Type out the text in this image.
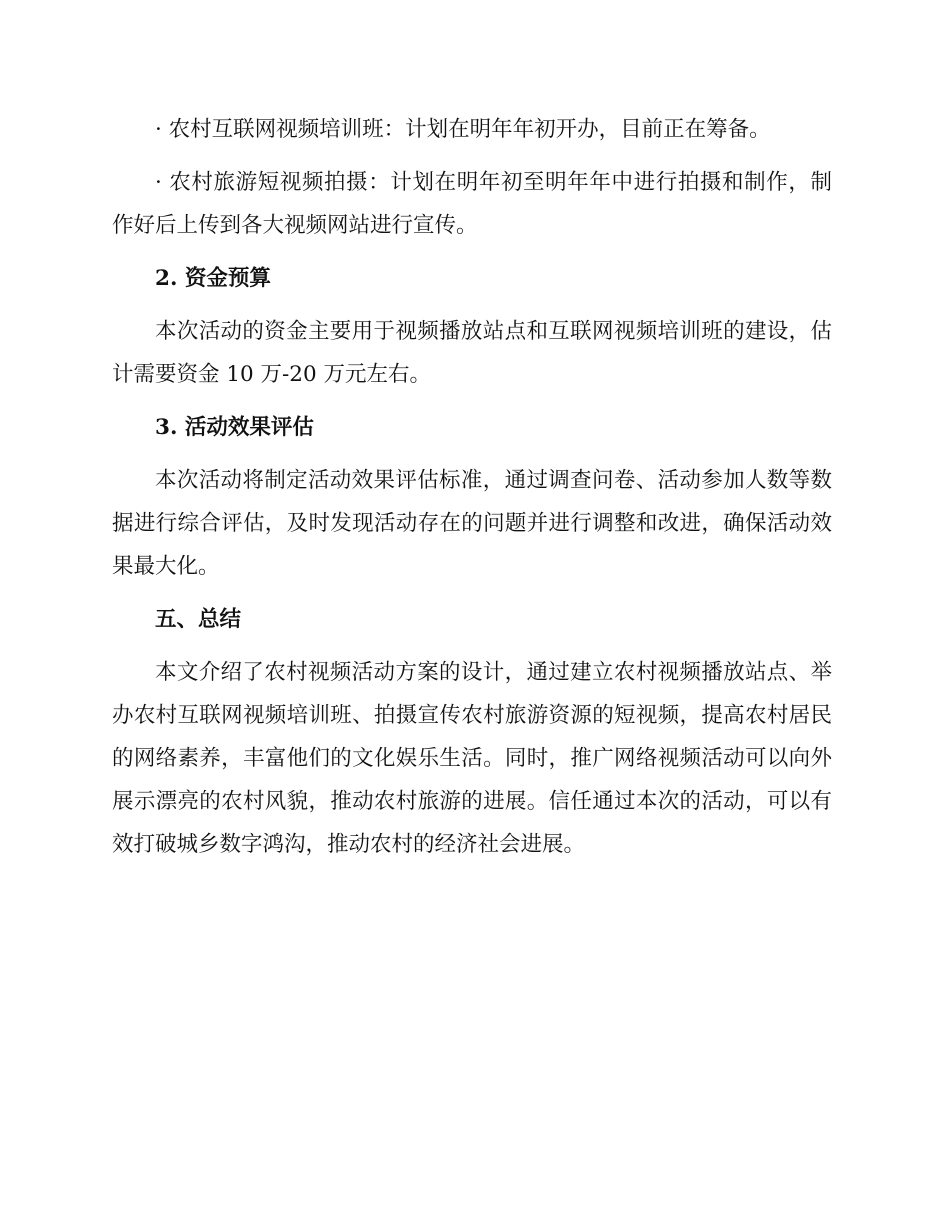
· 农村互联网视频培训班：计划在明年年初开办，目前正在筹备。

· 农村旅游短视频拍摄：计划在明年初至明年年中进行拍摄和制作，制作好后上传到各大视频网站进行宣传。

2. 资金预算

本次活动的资金主要用于视频播放站点和互联网视频培训班的建设，估计需要资金 10 万-20 万元左右。

3. 活动效果评估

本次活动将制定活动效果评估标准，通过调查问卷、活动参加人数等数据进行综合评估，及时发现活动存在的问题并进行调整和改进，确保活动效果最大化。

五、总结

本文介绍了农村视频活动方案的设计，通过建立农村视频播放站点、举办农村互联网视频培训班、拍摄宣传农村旅游资源的短视频，提高农村居民的网络素养，丰富他们的文化娱乐生活。同时，推广网络视频活动可以向外展示漂亮的农村风貌，推动农村旅游的进展。信任通过本次的活动，可以有效打破城乡数字鸿沟，推动农村的经济社会进展。
